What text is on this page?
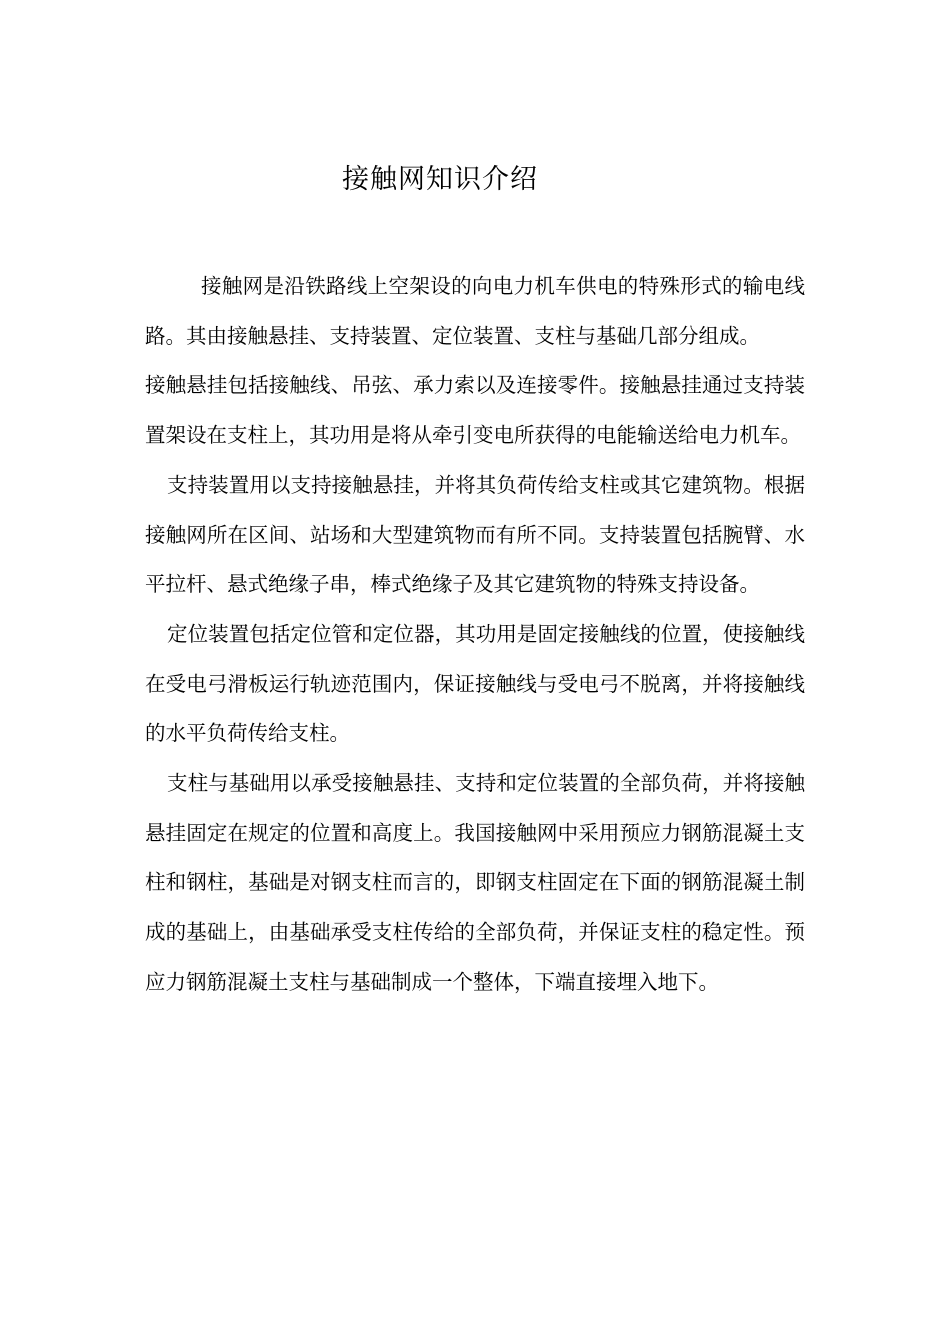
接触网知识介绍

接触网是沿铁路线上空架设的向电力机车供电的特殊形式的输电线路。其由接触悬挂、支持装置、定位装置、支柱与基础几部分组成。

接触悬挂包括接触线、吊弦、承力索以及连接零件。接触悬挂通过支持装置架设在支柱上，其功用是将从牵引变电所获得的电能输送给电力机车。

支持装置用以支持接触悬挂，并将其负荷传给支柱或其它建筑物。根据接触网所在区间、站场和大型建筑物而有所不同。支持装置包括腕臂、水平拉杆、悬式绝缘子串，棒式绝缘子及其它建筑物的特殊支持设备。

定位装置包括定位管和定位器，其功用是固定接触线的位置，使接触线在受电弓滑板运行轨迹范围内，保证接触线与受电弓不脱离，并将接触线的水平负荷传给支柱。

支柱与基础用以承受接触悬挂、支持和定位装置的全部负荷，并将接触悬挂固定在规定的位置和高度上。我国接触网中采用预应力钢筋混凝土支柱和钢柱，基础是对钢支柱而言的，即钢支柱固定在下面的钢筋混凝土制成的基础上，由基础承受支柱传给的全部负荷，并保证支柱的稳定性。预应力钢筋混凝土支柱与基础制成一个整体，下端直接埋入地下。
